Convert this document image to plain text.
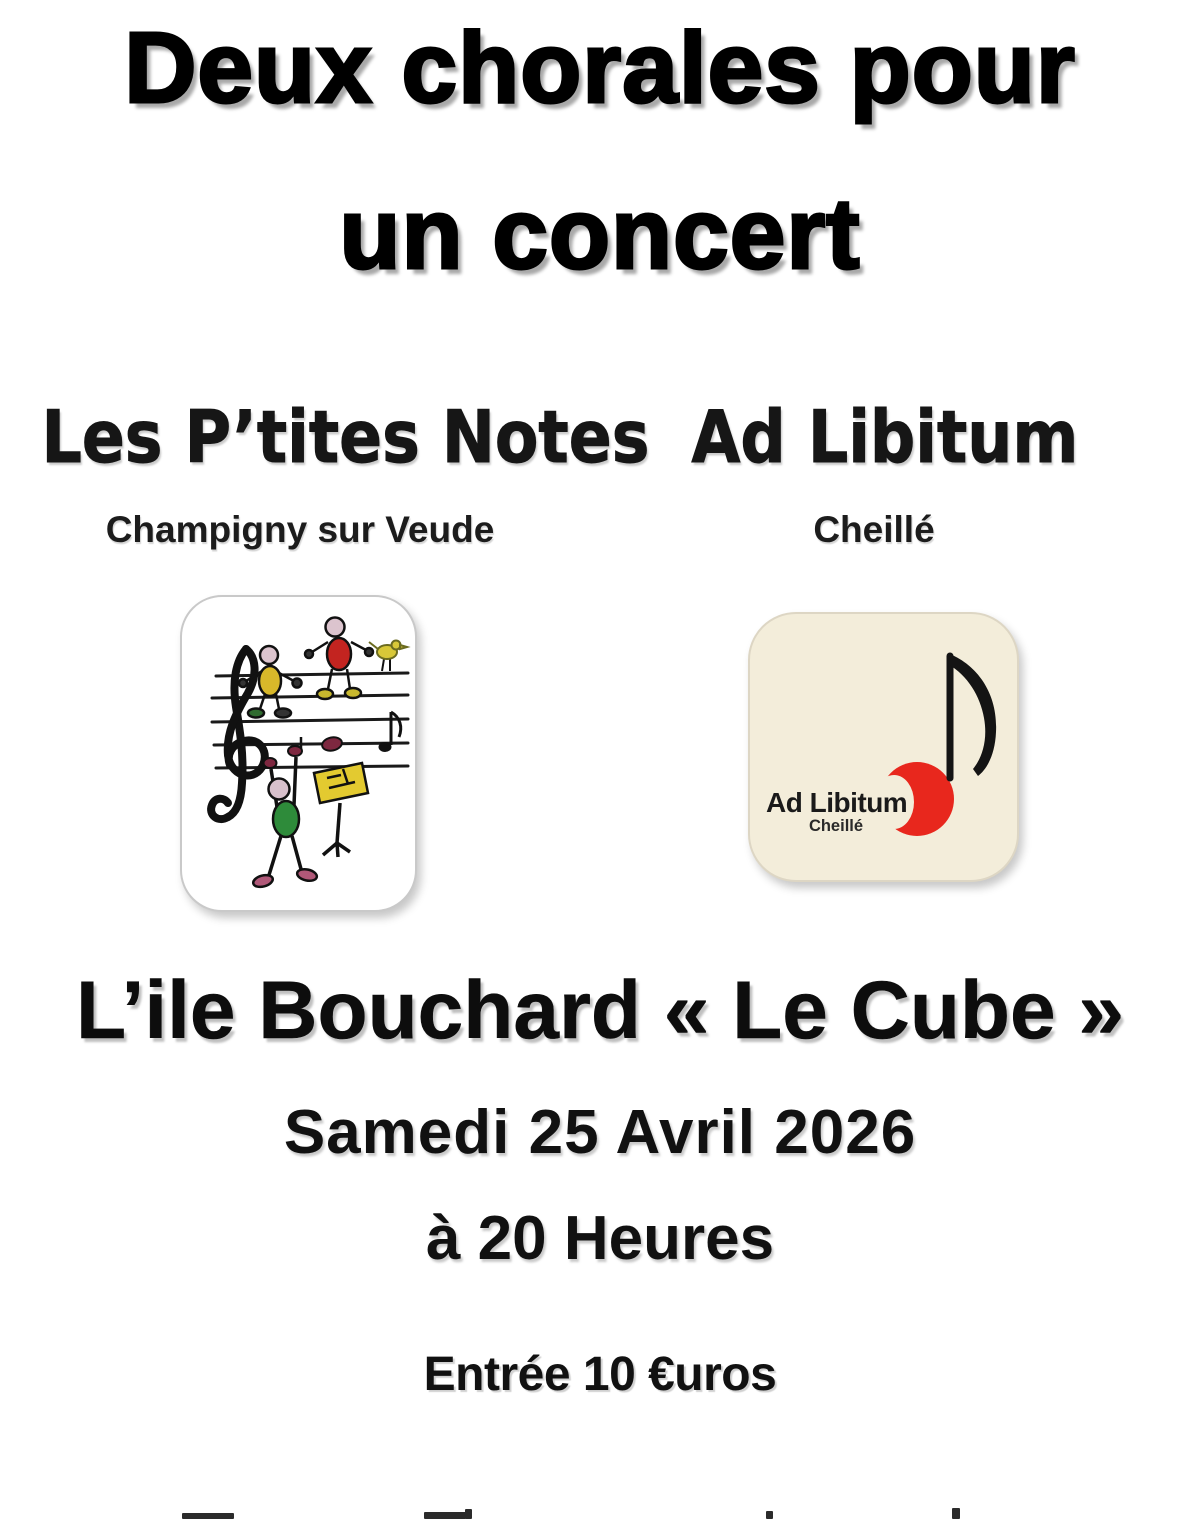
Deux chorales pour
un concert
Les P’tites Notes Ad Libitum
Champigny sur Veude	Cheillé
Ad Libitum
Cheillé
L’ile Bouchard « Le Cube »
Samedi 25 Avril 2026
à 20 Heures
Entrée 10 €uros
